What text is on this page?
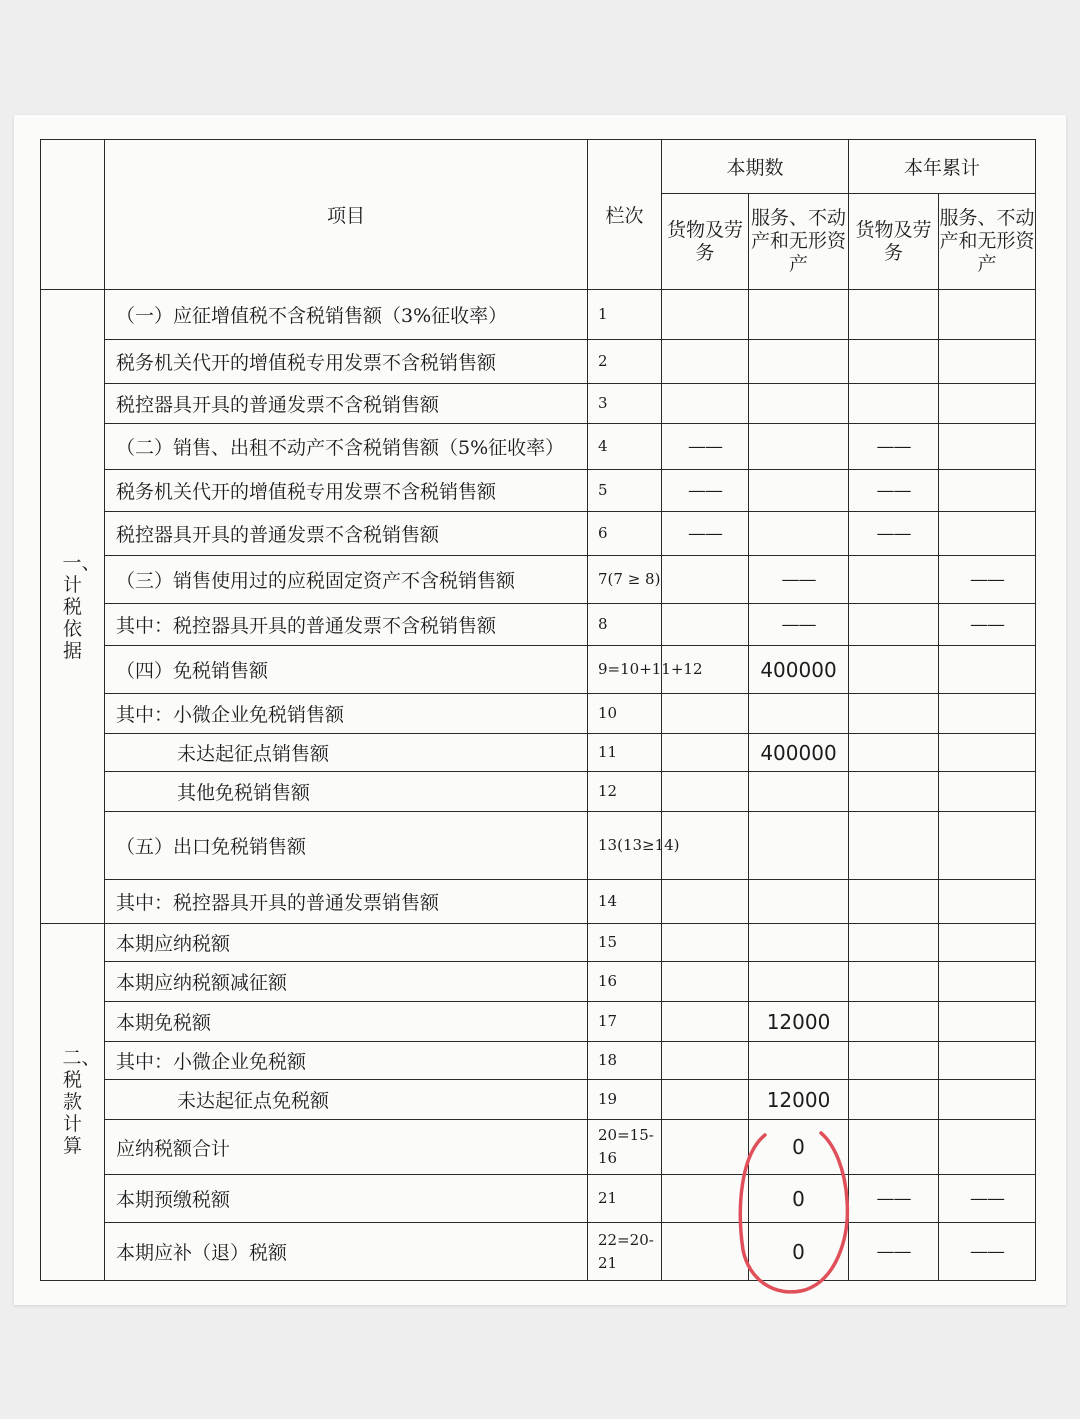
	项目	栏次	本期数		本年累计	
			货物及劳务	服务、不动产和无形资产	货物及劳务	服务、不动产和无形资产
一、计税依据	（一）应征增值税不含税销售额（3%征收率）	1				
	税务机关代开的增值税专用发票不含税销售额	2				
	税控器具开具的普通发票不含税销售额	3				
	（二）销售、出租不动产不含税销售额（5%征收率）	4	——		——	
	税务机关代开的增值税专用发票不含税销售额	5	——		——	
	税控器具开具的普通发票不含税销售额	6	——		——	
	（三）销售使用过的应税固定资产不含税销售额	7(7 ≥ 8)		——		——
	其中：税控器具开具的普通发票不含税销售额	8		——		——
	（四）免税销售额	9=10+11+12		400000		
	其中：小微企业免税销售额	10				
	未达起征点销售额	11		400000		
	其他免税销售额	12				
	（五）出口免税销售额	13(13≥14)				
	其中：税控器具开具的普通发票销售额	14				
二、税款计算	本期应纳税额	15				
	本期应纳税额减征额	16				
	本期免税额	17		12000		
	其中：小微企业免税额	18				
	未达起征点免税额	19		12000		
	应纳税额合计	20=15-16		0		
	本期预缴税额	21		0	——	——
	本期应补（退）税额	22=20-21		0	——	——
